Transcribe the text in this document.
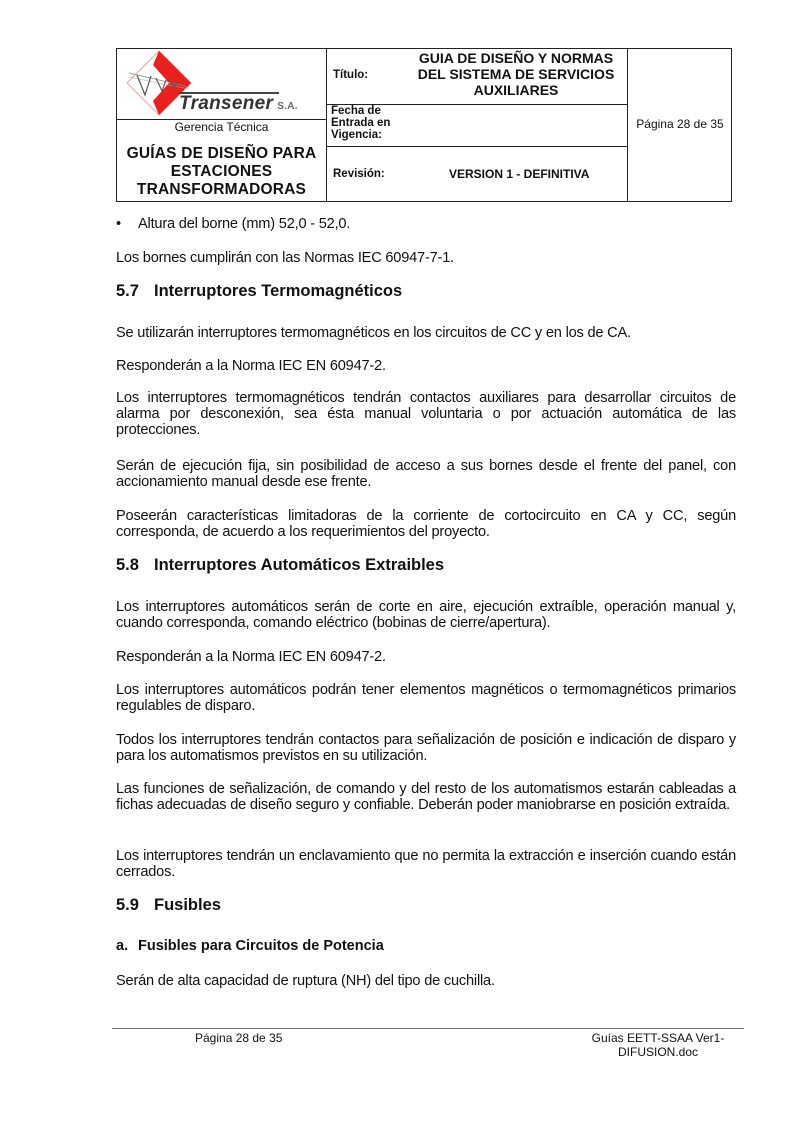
Transener S.A.
Gerencia Técnica
GUÍAS DE DISEÑO PARA ESTACIONES TRANSFORMADORAS
Título:
GUIA DE DISEÑO Y NORMAS DEL SISTEMA DE SERVICIOS AUXILIARES
Fecha de
Entrada en
Vigencia:
Revisión:	VERSION 1 - DEFINITIVA
Página 28 de 35
• Altura del borne (mm) 52,0 - 52,0.

Los bornes cumplirán con las Normas IEC 60947-7-1.

5.7 Interruptores Termomagnéticos

Se utilizarán interruptores termomagnéticos en los circuitos de CC y en los de CA.

Responderán a la Norma IEC EN 60947-2.

Los interruptores termomagnéticos tendrán contactos auxiliares para desarrollar circuitos de alarma por desconexión, sea ésta manual voluntaria o por actuación automática de las protecciones.

Serán de ejecución fija, sin posibilidad de acceso a sus bornes desde el frente del panel, con accionamiento manual desde ese frente.

Poseerán características limitadoras de la corriente de cortocircuito en CA y CC, según corresponda, de acuerdo a los requerimientos del proyecto.

5.8 Interruptores Automáticos Extraibles

Los interruptores automáticos serán de corte en aire, ejecución extraíble, operación manual y, cuando corresponda, comando eléctrico (bobinas de cierre/apertura).

Responderán a la Norma IEC EN 60947-2.

Los interruptores automáticos podrán tener elementos magnéticos o termomagnéticos primarios regulables de disparo.

Todos los interruptores tendrán contactos para señalización de posición e indicación de disparo y para los automatismos previstos en su utilización.

Las funciones de señalización, de comando y del resto de los automatismos estarán cableadas a fichas adecuadas de diseño seguro y confiable. Deberán poder maniobrarse en posición extraída.

Los interruptores tendrán un enclavamiento que no permita la extracción e inserción cuando están cerrados.

5.9 Fusibles
a. Fusibles para Circuitos de Potencia

Serán de alta capacidad de ruptura (NH) del tipo de cuchilla.

Página 28 de 35	Guías EETT-SSAA Ver1-
DIFUSION.doc
